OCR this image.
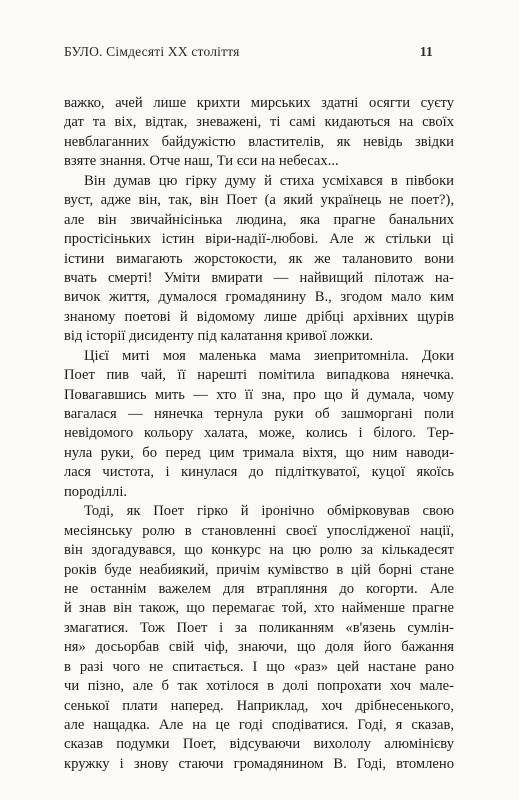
БУЛО. Сімдесяті XX століття	11
важко, ачей лише крихти мирських здатні осягти суєту
дат та віх, відтак, зневажені, ті самі кидаються на своїх
невблаганних байдужістю властителів, як невідь звідки
взяте знання. Отче наш, Ти єси на небесах...
Він думав цю гірку думу й стиха усміхався в півбоки
вуст, адже він, так, він Поет (а який українець не поет?),
але він звичайнісінька людина, яка прагне банальних
простісіньких істин віри-надії-любові. Але ж стільки ці
істини вимагають жорстокости, як же талановито вони
вчать смерті! Уміти вмирати — найвищий пілотаж на-
вичок життя, думалося громадянину В., згодом мало ким
знаному поетові й відомому лише дрібці архівних щурів
від історії дисиденту під калатання кривої ложки.
Цієї миті моя маленька мама зиепритомніла. Доки
Поет пив чай, її нарешті помітила випадкова нянечка.
Повагавшись мить — хто її зна, про що й думала, чому
вагалася — нянечка тернула руки об зашморгані поли
невідомого кольору халата, може, колись і білого. Тер-
нула руки, бо перед цим тримала віхтя, що ним наводи-
лася чистота, і кинулася до підліткуватої, куцої якоїсь
породіллі.
Тоді, як Поет гірко й іронічно обмірковував свою
месіянську ролю в становленні своєї упослідженої нації,
він здогадувався, що конкурс на цю ролю за кількадесят
років буде неабиякий, причім кумівство в цій борні стане
не останнім важелем для втрапляння до когорти. Але
й знав він також, що перемагає той, хто найменше прагне
змагатися. Тож Поет і за поликанням «в'язень сумлін-
ня» досьорбав свій чіф, знаючи, що доля його бажання
в разі чого не спитається. І що «раз» цей настане рано
чи пізно, але б так хотілося в долі попрохати хоч мале-
сенької плати наперед. Наприклад, хоч дрібнесенького,
але нащадка. Але на це годі сподіватися. Годі, я сказав,
сказав подумки Поет, відсуваючи вихололу алюмінієву
кружку і знову стаючи громадянином В. Годі, втомлено
